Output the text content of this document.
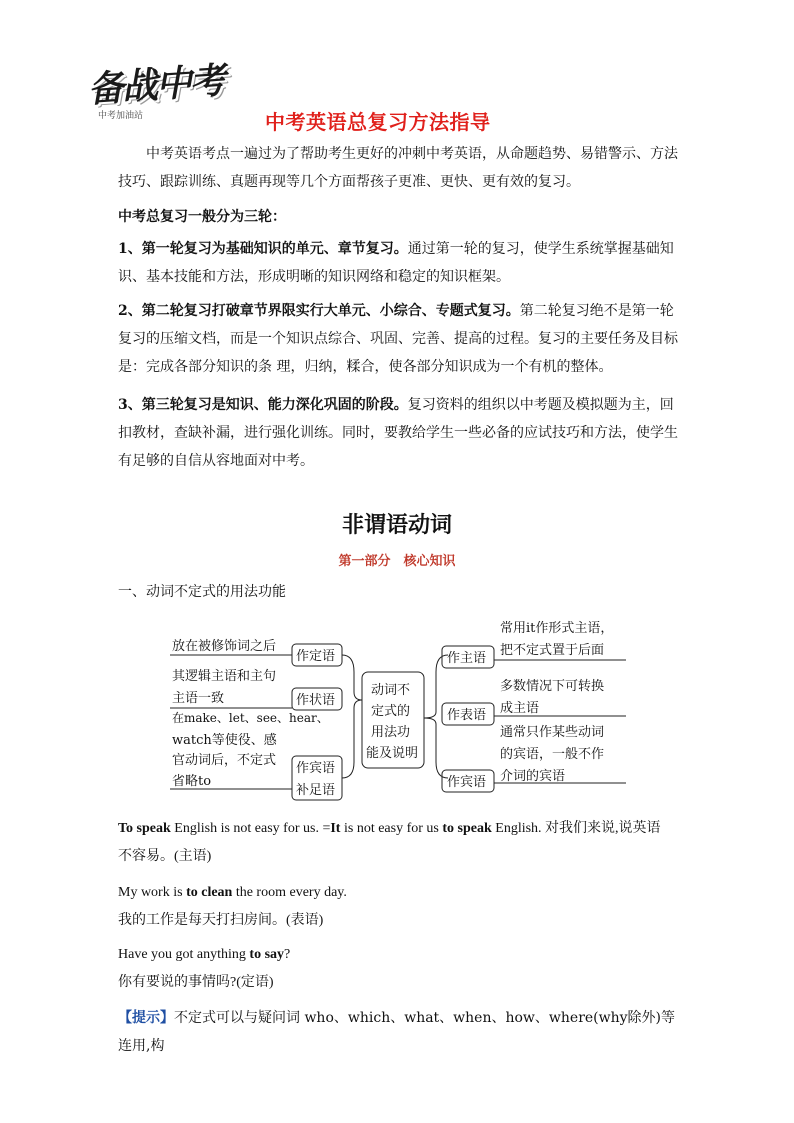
备战中考
中考加油站	中考英语总复习方法指导
中考英语考点一遍过为了帮助考生更好的冲刺中考英语，从命题趋势、易错警示、方法技巧、跟踪训练、真题再现等几个方面帮孩子更准、更快、更有效的复习。
中考总复习一般分为三轮：
1、第一轮复习为基础知识的单元、章节复习。通过第一轮的复习，使学生系统掌握基础知识、基本技能和方法，形成明晰的知识网络和稳定的知识框架。
2、第二轮复习打破章节界限实行大单元、小综合、专题式复习。第二轮复习绝不是第一轮复习的压缩文档，而是一个知识点综合、巩固、完善、提高的过程。复习的主要任务及目标是：完成各部分知识的条 理，归纳，糅合，使各部分知识成为一个有机的整体。
3、第三轮复习是知识、能力深化巩固的阶段。复习资料的组织以中考题及模拟题为主，回扣教材，查缺补漏，进行强化训练。同时，要教给学生一些必备的应试技巧和方法，使学生有足够的自信从容地面对中考。
非谓语动词
第一部分　核心知识
一、动词不定式的用法功能
放在被修饰词之后
其逻辑主语和主句
主语一致
在make、let、see、hear、
watch等使役、感
官动词后，不定式
省略to
作定语
作状语
作宾语
补足语
动词不
定式的
用法功
能及说明
作主语
作表语
作宾语
常用it作形式主语，
把不定式置于后面
多数情况下可转换
成主语
通常只作某些动词
的宾语，一般不作
介词的宾语
To speak English is not easy for us. =It is not easy for us to speak English. 对我们来说,说英语
不容易。(主语)
My work is to clean the room every day.
我的工作是每天打扫房间。(表语)
Have you got anything to say?
你有要说的事情吗?(定语)
【提示】不定式可以与疑问词 who、which、what、when、how、where(why除外)等连用,构
